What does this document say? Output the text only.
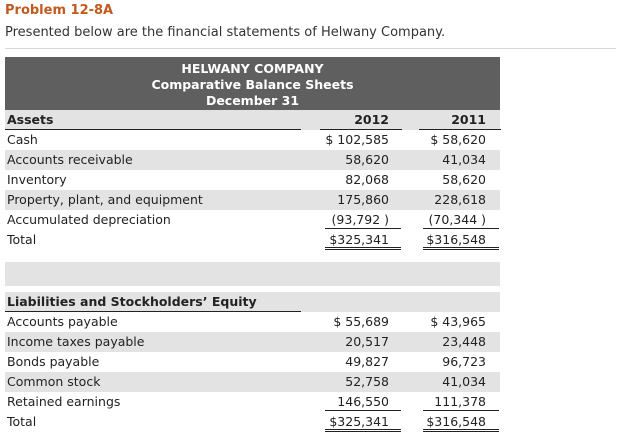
Problem 12-8A
Presented below are the financial statements of Helwany Company.
HELWANY COMPANY
Comparative Balance Sheets
December 31
Assets	2012	2011
Cash	$ 102,585	$ 58,620
Accounts receivable	58,620	41,034
Inventory	82,068	58,620
Property, plant, and equipment	175,860	228,618
Accumulated depreciation	(93,792 )	(70,344 )
Total	$325,341	$316,548
Liabilities and Stockholders’ Equity
Accounts payable	$ 55,689	$ 43,965
Income taxes payable	20,517	23,448
Bonds payable	49,827	96,723
Common stock	52,758	41,034
Retained earnings	146,550	111,378
Total	$325,341	$316,548
